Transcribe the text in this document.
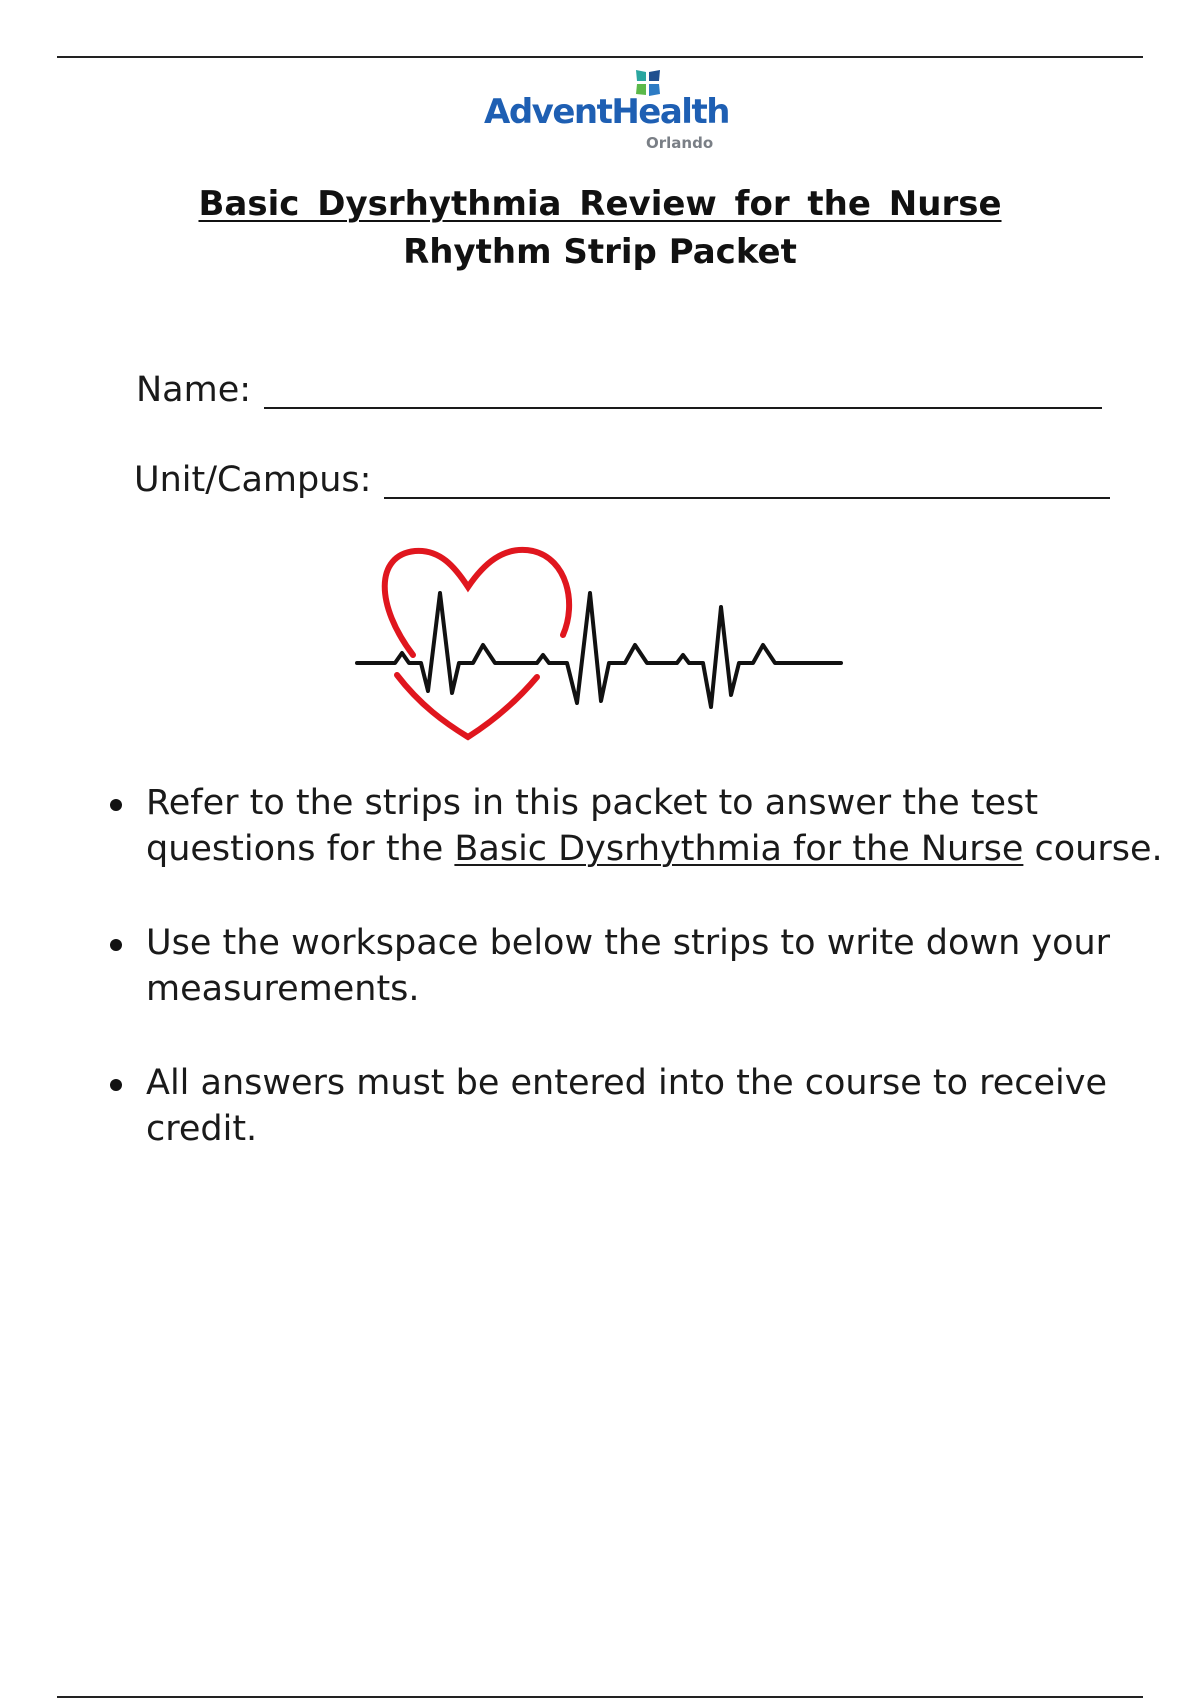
AdventHealth
Orlando
Basic Dysrhythmia Review for the Nurse
Rhythm Strip Packet
Name:
Unit/Campus:
Refer to the strips in this packet to answer the test questions for the Basic Dysrhythmia for the Nurse course.
Use the workspace below the strips to write down your measurements.
All answers must be entered into the course to receive credit.
